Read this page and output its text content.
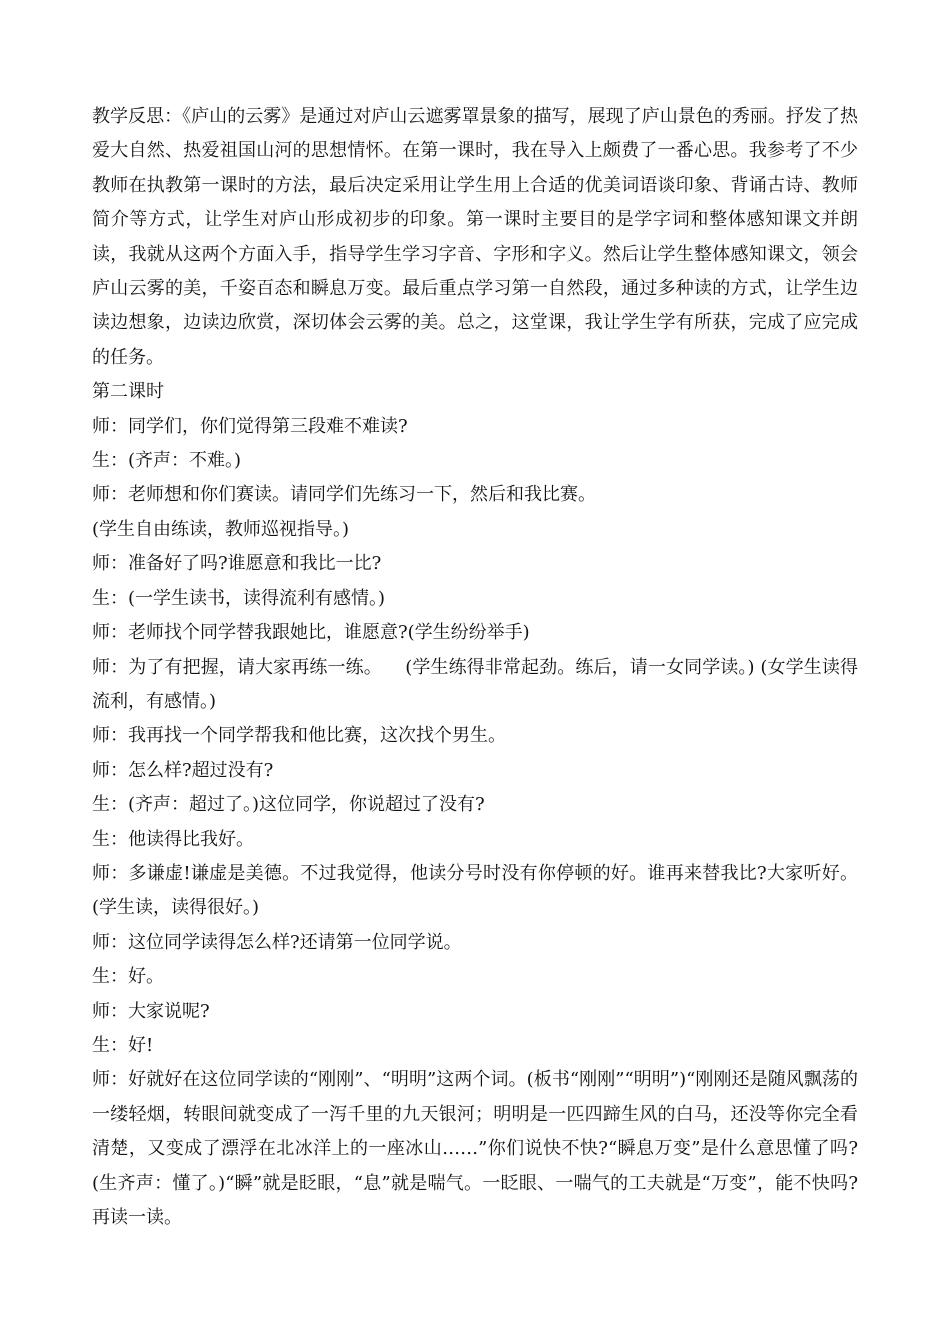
教学反思：《庐山的云雾》是通过对庐山云遮雾罩景象的描写，展现了庐山景色的秀丽。抒发了热爱大自然、热爱祖国山河的思想情怀。在第一课时，我在导入上颇费了一番心思。我参考了不少教师在执教第一课时的方法，最后决定采用让学生用上合适的优美词语谈印象、背诵古诗、教师简介等方式，让学生对庐山形成初步的印象。第一课时主要目的是学字词和整体感知课文并朗读，我就从这两个方面入手，指导学生学习字音、字形和字义。然后让学生整体感知课文，领会庐山云雾的美，千姿百态和瞬息万变。最后重点学习第一自然段，通过多种读的方式，让学生边读边想象，边读边欣赏，深切体会云雾的美。总之，这堂课，我让学生学有所获，完成了应完成的任务。

第二课时

师：同学们，你们觉得第三段难不难读?

生：(齐声：不难。)

师：老师想和你们赛读。请同学们先练习一下，然后和我比赛。

(学生自由练读，教师巡视指导。)

师：准备好了吗?谁愿意和我比一比?

生：(一学生读书，读得流利有感情。)

师：老师找个同学替我跟她比，谁愿意?(学生纷纷举手)

师：为了有把握，请大家再练一练。    (学生练得非常起劲。练后，请一女同学读。) (女学生读得流利，有感情。)

师：我再找一个同学帮我和他比赛，这次找个男生。

师：怎么样?超过没有?

生：(齐声：超过了。)这位同学，你说超过了没有?

生：他读得比我好。

师：多谦虚!谦虚是美德。不过我觉得，他读分号时没有你停顿的好。谁再来替我比?大家听好。(学生读，读得很好。)

师：这位同学读得怎么样?还请第一位同学说。

生：好。

师：大家说呢?

生：好!

师：好就好在这位同学读的“刚刚”、“明明”这两个词。(板书“刚刚”“明明”)“刚刚还是随风飘荡的一缕轻烟，转眼间就变成了一泻千里的九天银河；明明是一匹四蹄生风的白马，还没等你完全看清楚，又变成了漂浮在北冰洋上的一座冰山……”你们说快不快?“瞬息万变”是什么意思懂了吗?(生齐声：懂了。)“瞬”就是眨眼，“息”就是喘气。一眨眼、一喘气的工夫就是“万变”，能不快吗?再读一读。
